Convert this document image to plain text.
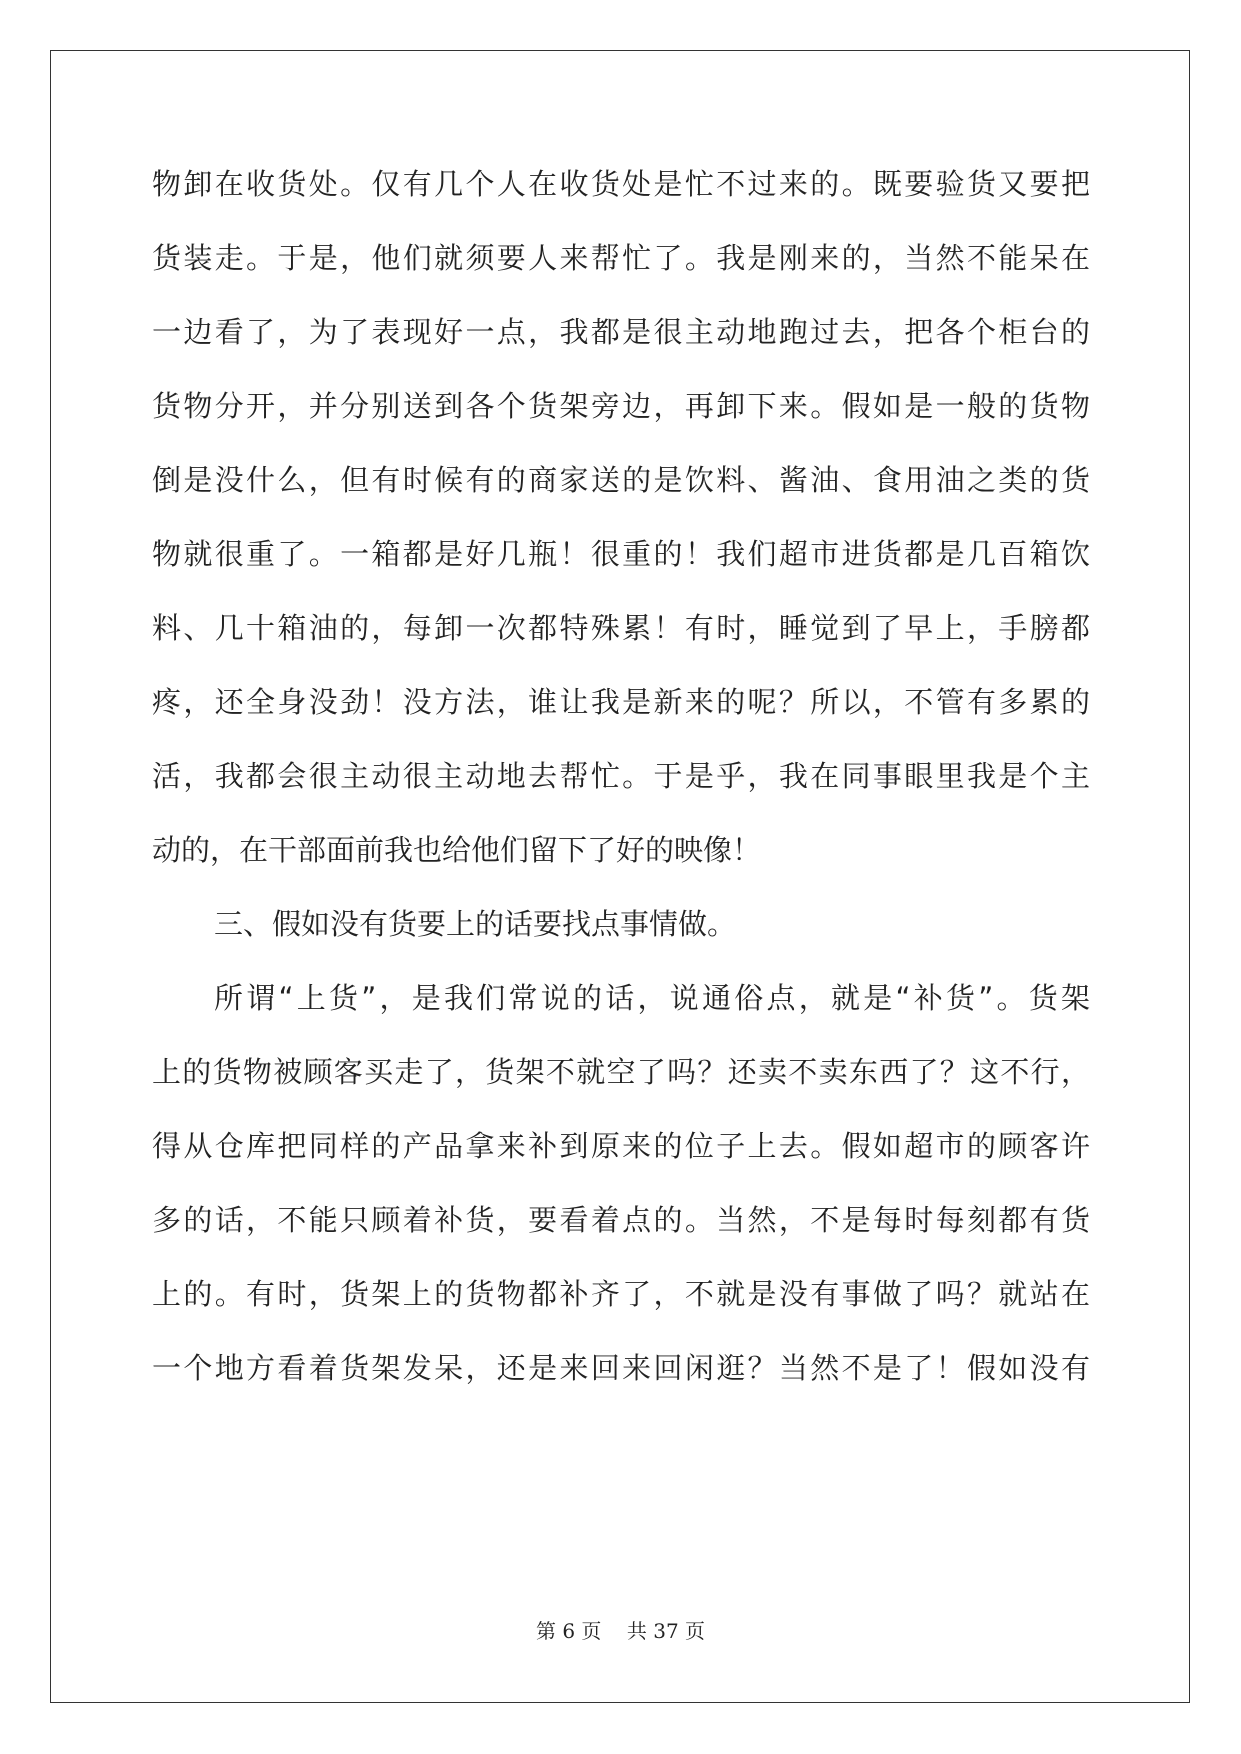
物卸在收货处。仅有几个人在收货处是忙不过来的。既要验货又要把
货装走。于是，他们就须要人来帮忙了。我是刚来的，当然不能呆在
一边看了，为了表现好一点，我都是很主动地跑过去，把各个柜台的
货物分开，并分别送到各个货架旁边，再卸下来。假如是一般的货物
倒是没什么，但有时候有的商家送的是饮料、酱油、食用油之类的货
物就很重了。一箱都是好几瓶！很重的！我们超市进货都是几百箱饮
料、几十箱油的，每卸一次都特殊累！有时，睡觉到了早上，手膀都
疼，还全身没劲！没方法，谁让我是新来的呢？所以，不管有多累的
活，我都会很主动很主动地去帮忙。于是乎，我在同事眼里我是个主
动的，在干部面前我也给他们留下了好的映像！
三、假如没有货要上的话要找点事情做。
所谓“上货”，是我们常说的话，说通俗点，就是“补货”。货架
上的货物被顾客买走了，货架不就空了吗？还卖不卖东西了？这不行，
得从仓库把同样的产品拿来补到原来的位子上去。假如超市的顾客许
多的话，不能只顾着补货，要看着点的。当然，不是每时每刻都有货
上的。有时，货架上的货物都补齐了，不就是没有事做了吗？就站在
一个地方看着货架发呆，还是来回来回闲逛？当然不是了！假如没有
第 6 页 共 37 页
